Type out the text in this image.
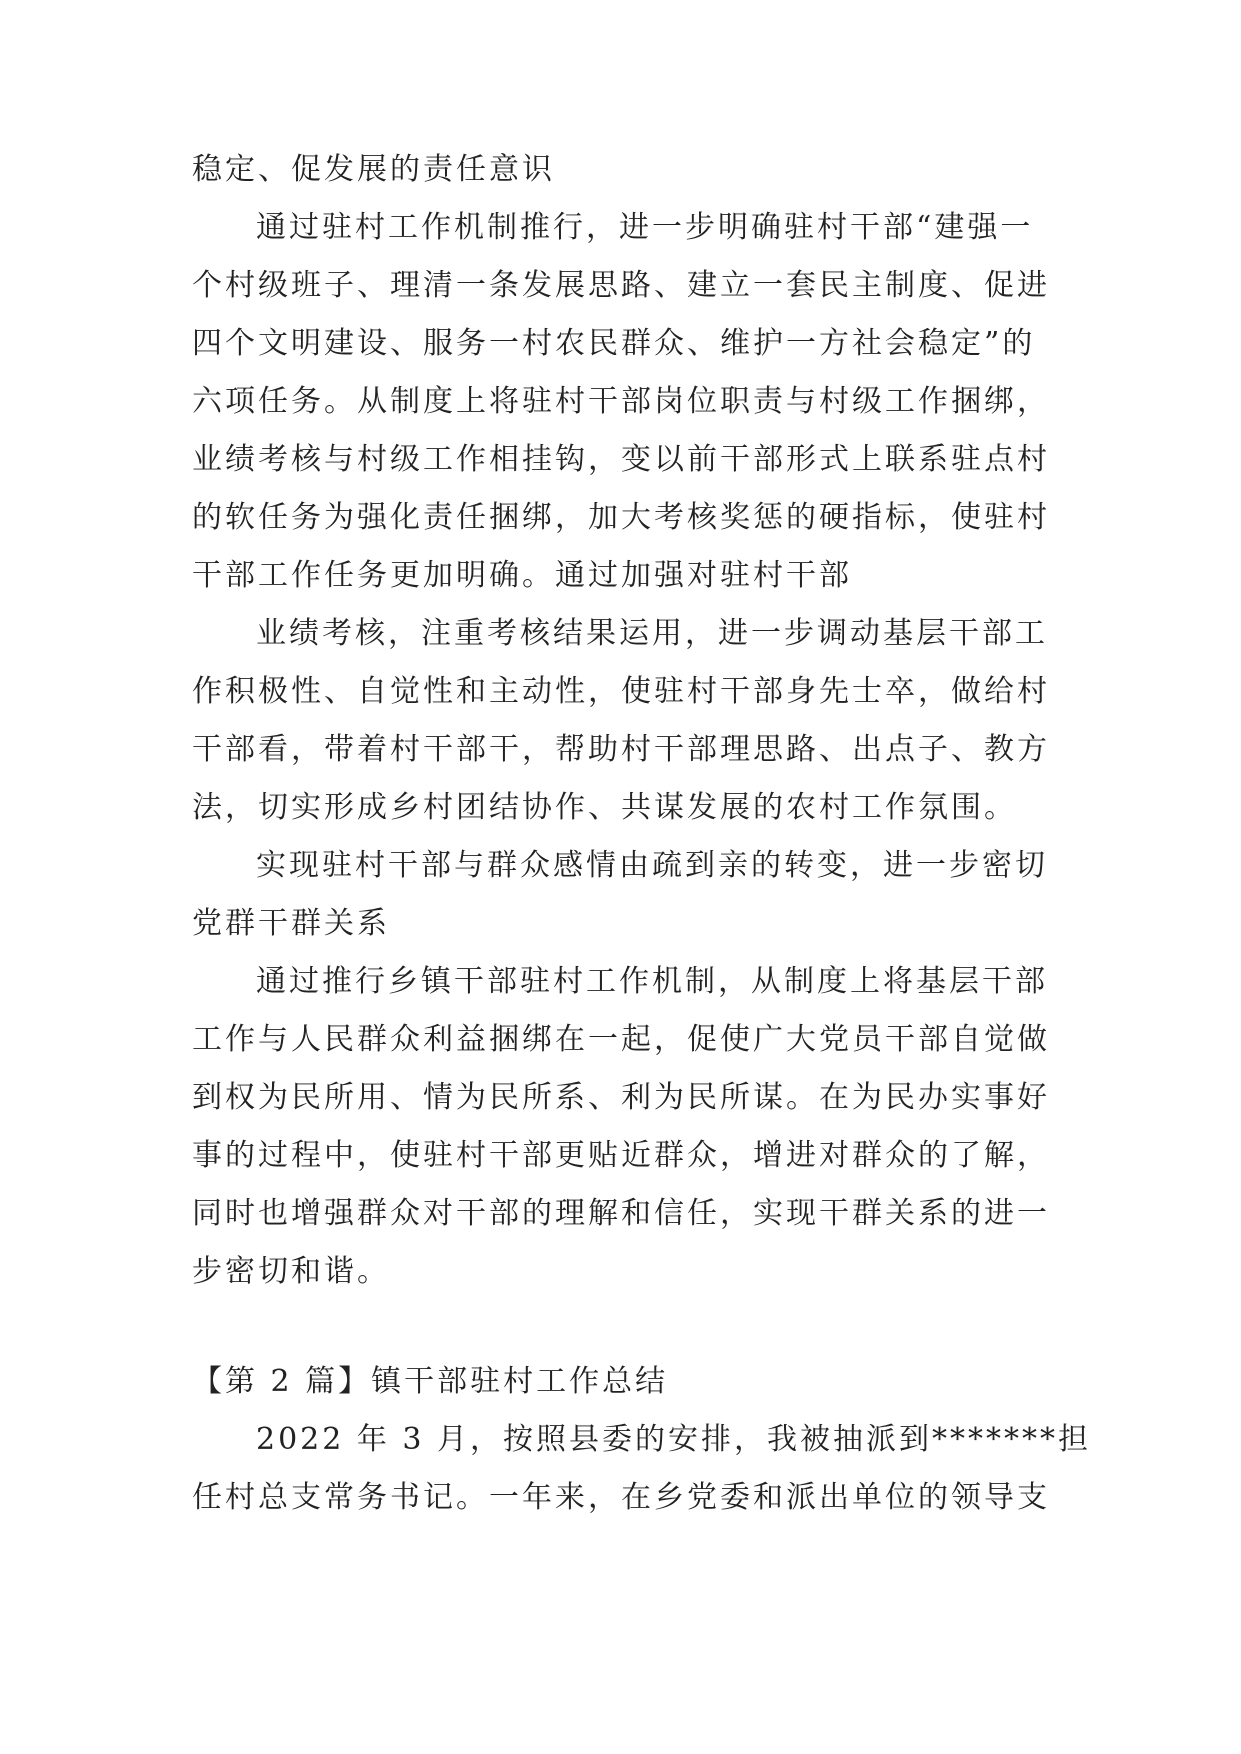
稳定、促发展的责任意识
通过驻村工作机制推行，进一步明确驻村干部“建强一
个村级班子、理清一条发展思路、建立一套民主制度、促进
四个文明建设、服务一村农民群众、维护一方社会稳定”的
六项任务。从制度上将驻村干部岗位职责与村级工作捆绑，
业绩考核与村级工作相挂钩，变以前干部形式上联系驻点村
的软任务为强化责任捆绑，加大考核奖惩的硬指标，使驻村
干部工作任务更加明确。通过加强对驻村干部
业绩考核，注重考核结果运用，进一步调动基层干部工
作积极性、自觉性和主动性，使驻村干部身先士卒，做给村
干部看，带着村干部干，帮助村干部理思路、出点子、教方
法，切实形成乡村团结协作、共谋发展的农村工作氛围。
实现驻村干部与群众感情由疏到亲的转变，进一步密切
党群干群关系
通过推行乡镇干部驻村工作机制，从制度上将基层干部
工作与人民群众利益捆绑在一起，促使广大党员干部自觉做
到权为民所用、情为民所系、利为民所谋。在为民办实事好
事的过程中，使驻村干部更贴近群众，增进对群众的了解，
同时也增强群众对干部的理解和信任，实现干群关系的进一
步密切和谐。
【第 2 篇】镇干部驻村工作总结
2022 年 3 月，按照县委的安排，我被抽派到*******担
任村总支常务书记。一年来，在乡党委和派出单位的领导支
